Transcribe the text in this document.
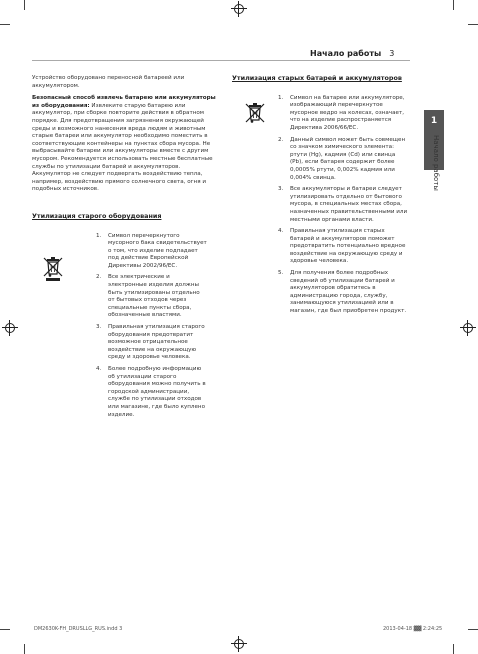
Начало работы 3
1
Начало работы

Устройство оборудовано переносной батареей или аккумулятором.

Безопасный способ извлечь батарею или аккумуляторы из оборудования: Извлеките старую батарею или аккумулятор, при сборке повторите действия в обратном порядке. Для предотвращения загрязнения окружающей среды и возможного нанесения вреда людям и животным старые батареи или аккумулятор необходимо поместить в соответствующие контейнеры на пунктах сбора мусора. Не выбрасывайте батареи или аккумуляторы вместе с другим мусором. Рекомендуется использовать местные бесплатные службы по утилизации батарей и аккумуляторов. Аккумулятор не следует подвергать воздействию тепла, например, воздействию прямого солнечного света, огня и подобных источников.

Утилизация старого оборудования
1. Символ перечеркнутого мусорного бака свидетельствует о том, что изделие подпадает под действие Европейской Директивы 2002/96/EC.
2. Все электрические и электронные изделия должны быть утилизированы отдельно от бытовых отходов через специальные пункты сбора, обозначенные властями.
3. Правильная утилизация старого оборудования предотвратит возможное отрицательное воздействие на окружающую среду и здоровье человека.
4. Более подробную информацию об утилизации старого оборудования можно получить в городской администрации, службе по утилизации отходов или магазине, где было куплено изделие.
Утилизация старых батарей и аккумуляторов
1. Символ на батарее или аккумуляторе, изображающий перечеркнутое мусорное ведро на колесах, означает, что на изделие распространяется Директива 2006/66/EC.
2. Данный символ может быть совмещен со значком химического элемента: ртути (Hg), кадмия (Cd) или свинца (Pb), если батарея содержит более 0,0005% ртути, 0,002% кадмия или 0,004% свинца.
3. Все аккумуляторы и батареи следует утилизировать отдельно от бытового мусора, в специальных местах сбора, назначенных правительственными или местными органами власти.
4. Правильная утилизация старых батарей и аккумуляторов поможет предотвратить потенциально вредное воздействие на окружающую среду и здоровье человека.
5. Для получения более подробных сведений об утилизации батарей и аккумуляторов обратитесь в администрацию города, службу, занимающуюся утилизацией или в магазин, где был приобретен продукт.
DM2630K-FH_DRUSLLG_RUS.indd 3	2013-04-18 ▓▓ 2:24:25
